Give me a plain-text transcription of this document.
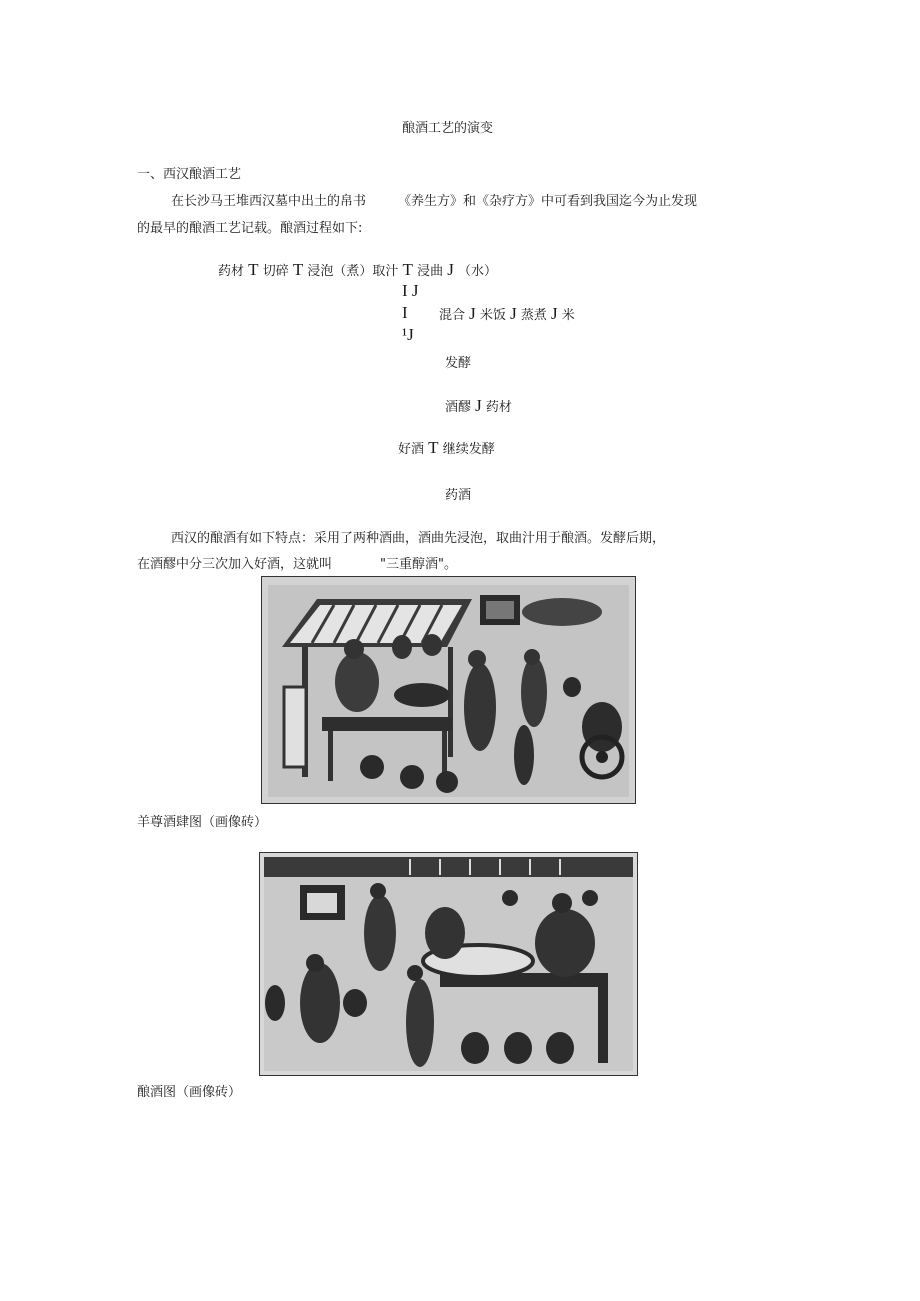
酿酒工艺的演变
一、西汉酿酒工艺
在长沙马王堆西汉墓中出土的帛书 《养生方》和《杂疗方》中可看到我国迄今为止发现
的最早的酿酒工艺记载。酿酒过程如下:
药材 T 切碎 T 浸泡（煮）取汁 T 浸曲 J （水）
I J
I 混合 J 米饭 J 蒸煮 J 米
¹J
发酵
酒醪 J 药材
好酒 T 继续发酵
药酒
西汉的酿酒有如下特点：采用了两种酒曲，酒曲先浸泡，取曲汁用于酿酒。发酵后期，
在酒醪中分三次加入好酒，这就叫	"三重醇酒"。
羊尊酒肆图（画像砖）
酿酒图（画像砖）
